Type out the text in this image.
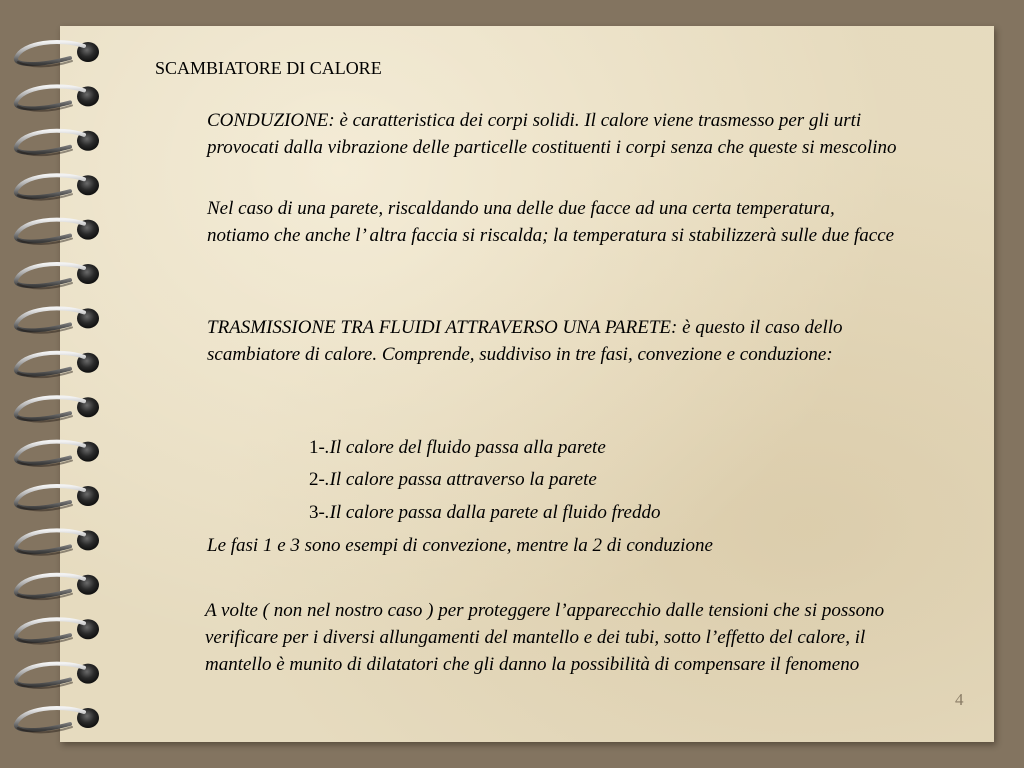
SCAMBIATORE DI CALORE
CONDUZIONE: è caratteristica dei corpi solidi. Il calore viene trasmesso per gli urti provocati dalla vibrazione delle particelle costituenti i corpi senza che queste si mescolino
Nel caso di una parete, riscaldando una delle due facce ad una certa temperatura, notiamo che anche l’ altra faccia si riscalda; la temperatura si stabilizzerà sulle due facce
TRASMISSIONE TRA FLUIDI ATTRAVERSO UNA PARETE: è questo il caso dello scambiatore di calore. Comprende, suddiviso in tre fasi, convezione e conduzione:
1-.Il calore del fluido passa alla parete
2-.Il calore passa attraverso la parete
3-.Il calore passa dalla parete al fluido freddo
Le fasi 1 e 3 sono esempi di convezione, mentre la 2 di conduzione
A volte ( non nel nostro caso ) per proteggere l’apparecchio dalle tensioni che si possono verificare per i diversi allungamenti del mantello e dei tubi, sotto l’effetto del calore, il mantello è munito di dilatatori che gli danno la possibilità di compensare il fenomeno
4
